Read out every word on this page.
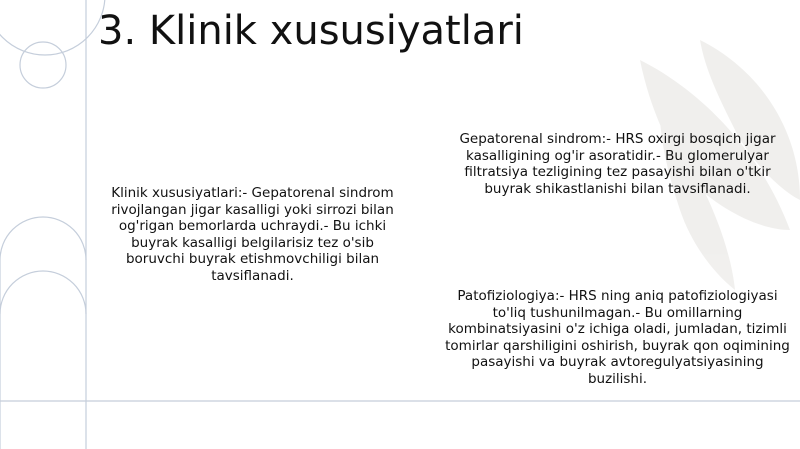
3. Klinik xususiyatlari
Klinik xususiyatlari:- Gepatorenal sindrom rivojlangan jigar kasalligi yoki sirrozi bilan og'rigan bemorlarda uchraydi.- Bu ichki buyrak kasalligi belgilarisiz tez o'sib boruvchi buyrak etishmovchiligi bilan tavsiflanadi.
Gepatorenal sindrom:- HRS oxirgi bosqich jigar kasalligining og'ir asoratidir.- Bu glomerulyar filtratsiya tezligining tez pasayishi bilan o'tkir buyrak shikastlanishi bilan tavsiflanadi.
Patofiziologiya:- HRS ning aniq patofiziologiyasi to'liq tushunilmagan.- Bu omillarning kombinatsiyasini o'z ichiga oladi, jumladan, tizimli tomirlar qarshiligini oshirish, buyrak qon oqimining pasayishi va buyrak avtoregulyatsiyasining buzilishi.
